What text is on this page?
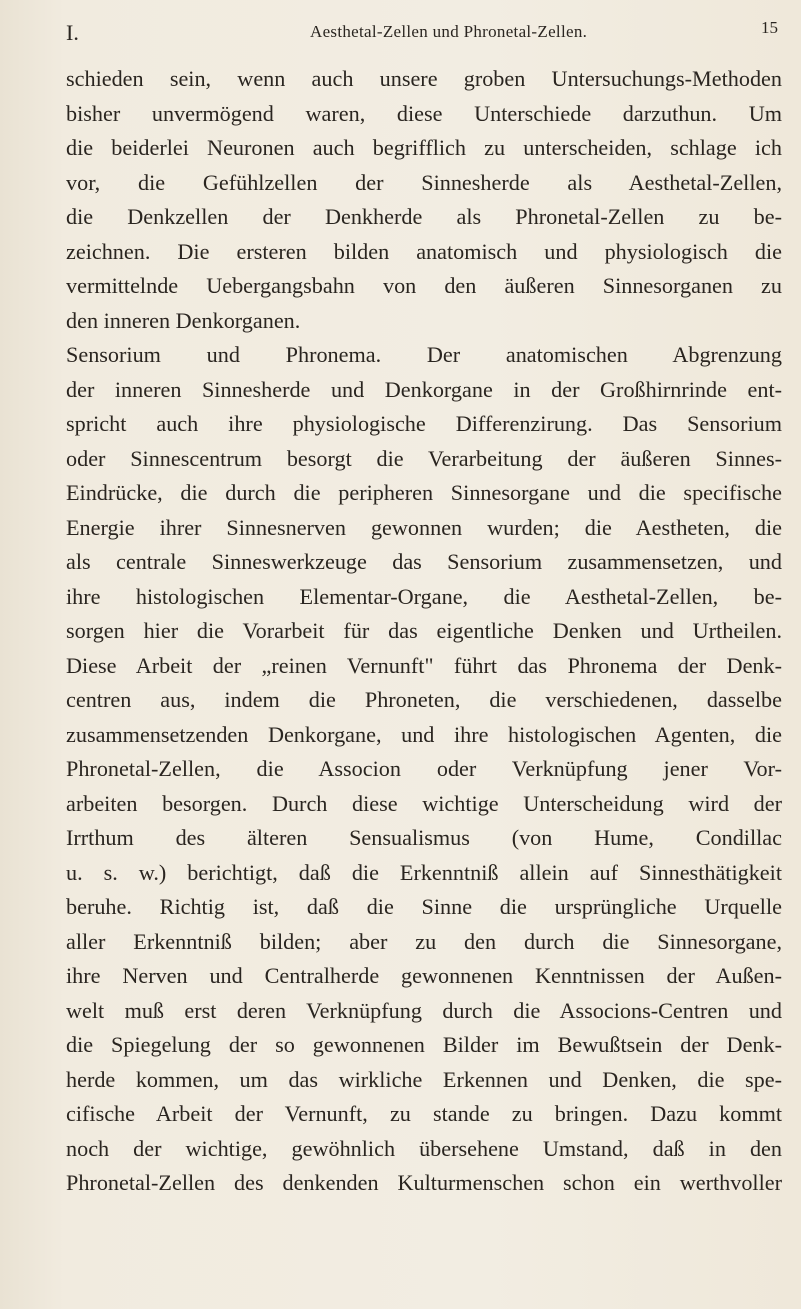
I.	Aesthetal-Zellen und Phronetal-Zellen.	15
schieden sein, wenn auch unsere groben Untersuchungs-Methoden
bisher unvermögend waren, diese Unterschiede darzuthun. Um
die beiderlei Neuronen auch begrifflich zu unterscheiden, schlage ich
vor, die Gefühlzellen der Sinnesherde als Aesthetal-Zellen,
die Denkzellen der Denkherde als Phronetal-Zellen zu be-
zeichnen. Die ersteren bilden anatomisch und physiologisch die
vermittelnde Uebergangsbahn von den äußeren Sinnesorganen zu
den inneren Denkorganen.
Sensorium und Phronema. Der anatomischen Abgrenzung
der inneren Sinnesherde und Denkorgane in der Großhirnrinde ent-
spricht auch ihre physiologische Differenzirung. Das Sensorium
oder Sinnescentrum besorgt die Verarbeitung der äußeren Sinnes-
Eindrücke, die durch die peripheren Sinnesorgane und die specifische
Energie ihrer Sinnesnerven gewonnen wurden; die Aestheten, die
als centrale Sinneswerkzeuge das Sensorium zusammensetzen, und
ihre histologischen Elementar-Organe, die Aesthetal-Zellen, be-
sorgen hier die Vorarbeit für das eigentliche Denken und Urtheilen.
Diese Arbeit der „reinen Vernunft" führt das Phronema der Denk-
centren aus, indem die Phroneten, die verschiedenen, dasselbe
zusammensetzenden Denkorgane, und ihre histologischen Agenten, die
Phronetal-Zellen, die Associon oder Verknüpfung jener Vor-
arbeiten besorgen. Durch diese wichtige Unterscheidung wird der
Irrthum des älteren Sensualismus (von Hume, Condillac
u. s. w.) berichtigt, daß die Erkenntniß allein auf Sinnesthätigkeit
beruhe. Richtig ist, daß die Sinne die ursprüngliche Urquelle
aller Erkenntniß bilden; aber zu den durch die Sinnesorgane,
ihre Nerven und Centralherde gewonnenen Kenntnissen der Außen-
welt muß erst deren Verknüpfung durch die Associons-Centren und
die Spiegelung der so gewonnenen Bilder im Bewußtsein der Denk-
herde kommen, um das wirkliche Erkennen und Denken, die spe-
cifische Arbeit der Vernunft, zu stande zu bringen. Dazu kommt
noch der wichtige, gewöhnlich übersehene Umstand, daß in den
Phronetal-Zellen des denkenden Kulturmenschen schon ein werthvoller
